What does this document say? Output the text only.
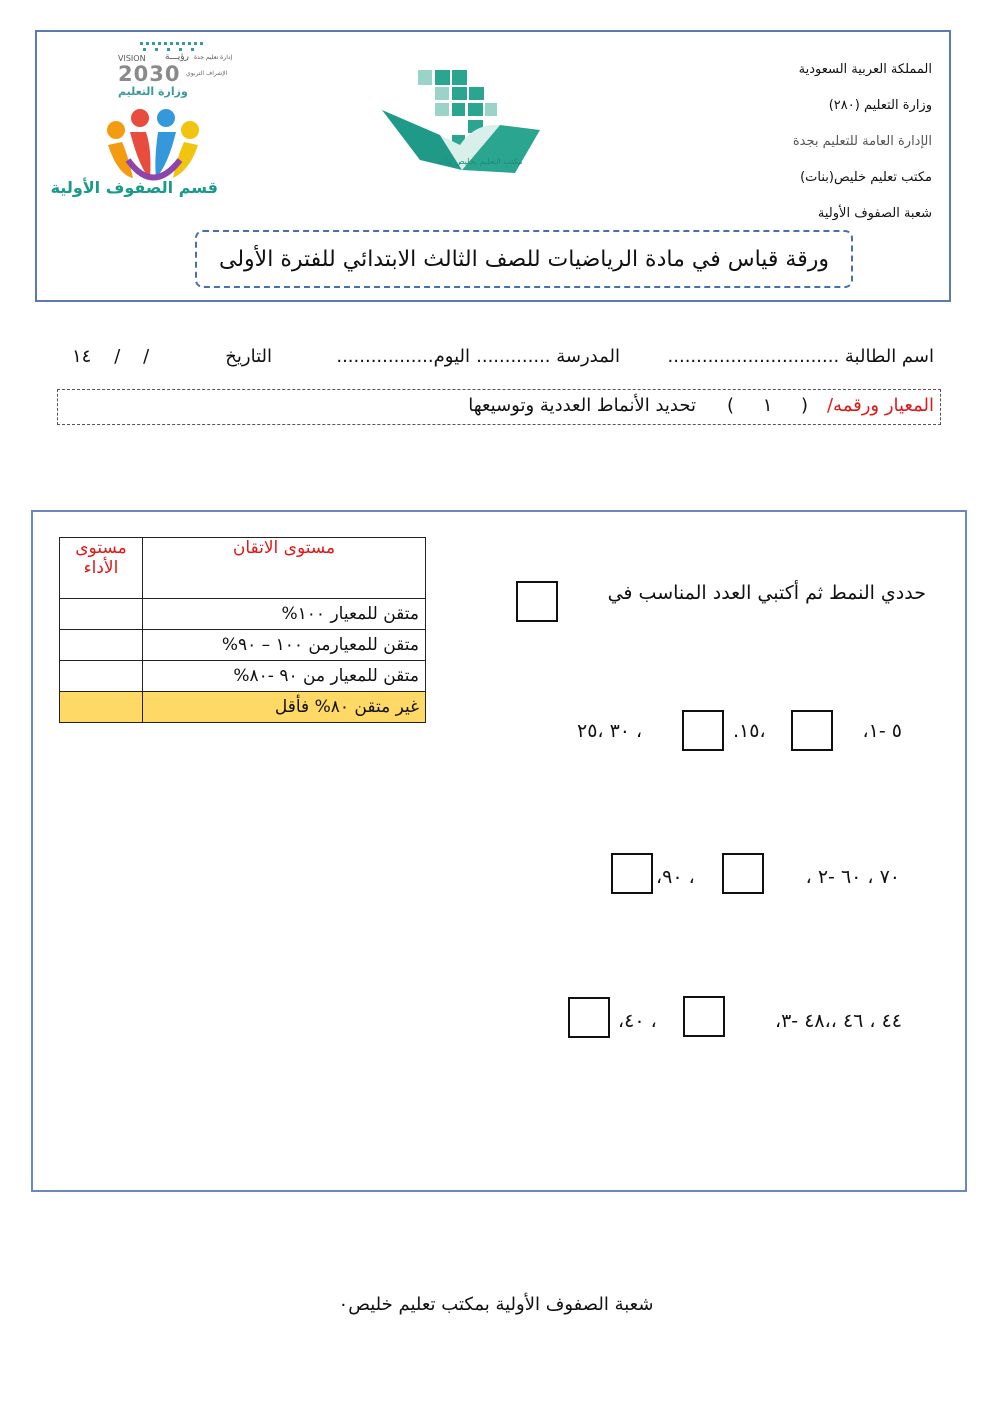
VISION رؤيـــة إدارة تعليم جدة
2030 الإشراف التربوي
وزارة التعليم
قسم الصفوف الأولية
مكتب التعليم بخليص بنات
المملكة العربية السعودية
وزارة التعليم (٢٨٠)
الإدارة العامة للتعليم بجدة
مكتب تعليم خليص(بنات)
شعبة الصفوف الأولية
ورقة قياس في مادة الرياضيات للصف الثالث الابتدائي للفترة الأولى
اسم الطالبة ..............................
المدرسة .............
اليوم.................
التاريخ
١٤    /    /
المعيار ورقمه/
(     ١     )
تحديد الأنماط العددية وتوسيعها
مستوى الأداء	مستوى الاتقان
	متقن للمعيار ١٠٠%
	متقن للمعيارمن ١٠٠ – ٩٠%
	متقن للمعيار من ٩٠ -٨٠%
	غير متقن ٨٠% فأقل
حددي النمط ثم أكتبي العدد المناسب في
،٥ -١
.١٥،
٣٠ ،٢٥ ،
، ٧٠ ، ٦٠ -٢
،٩٠ ،
،٤٤ ، ٤٦ ،،٤٨ -٣
،٤٠ ،
شعبة الصفوف الأولية بمكتب تعليم خليص٠
